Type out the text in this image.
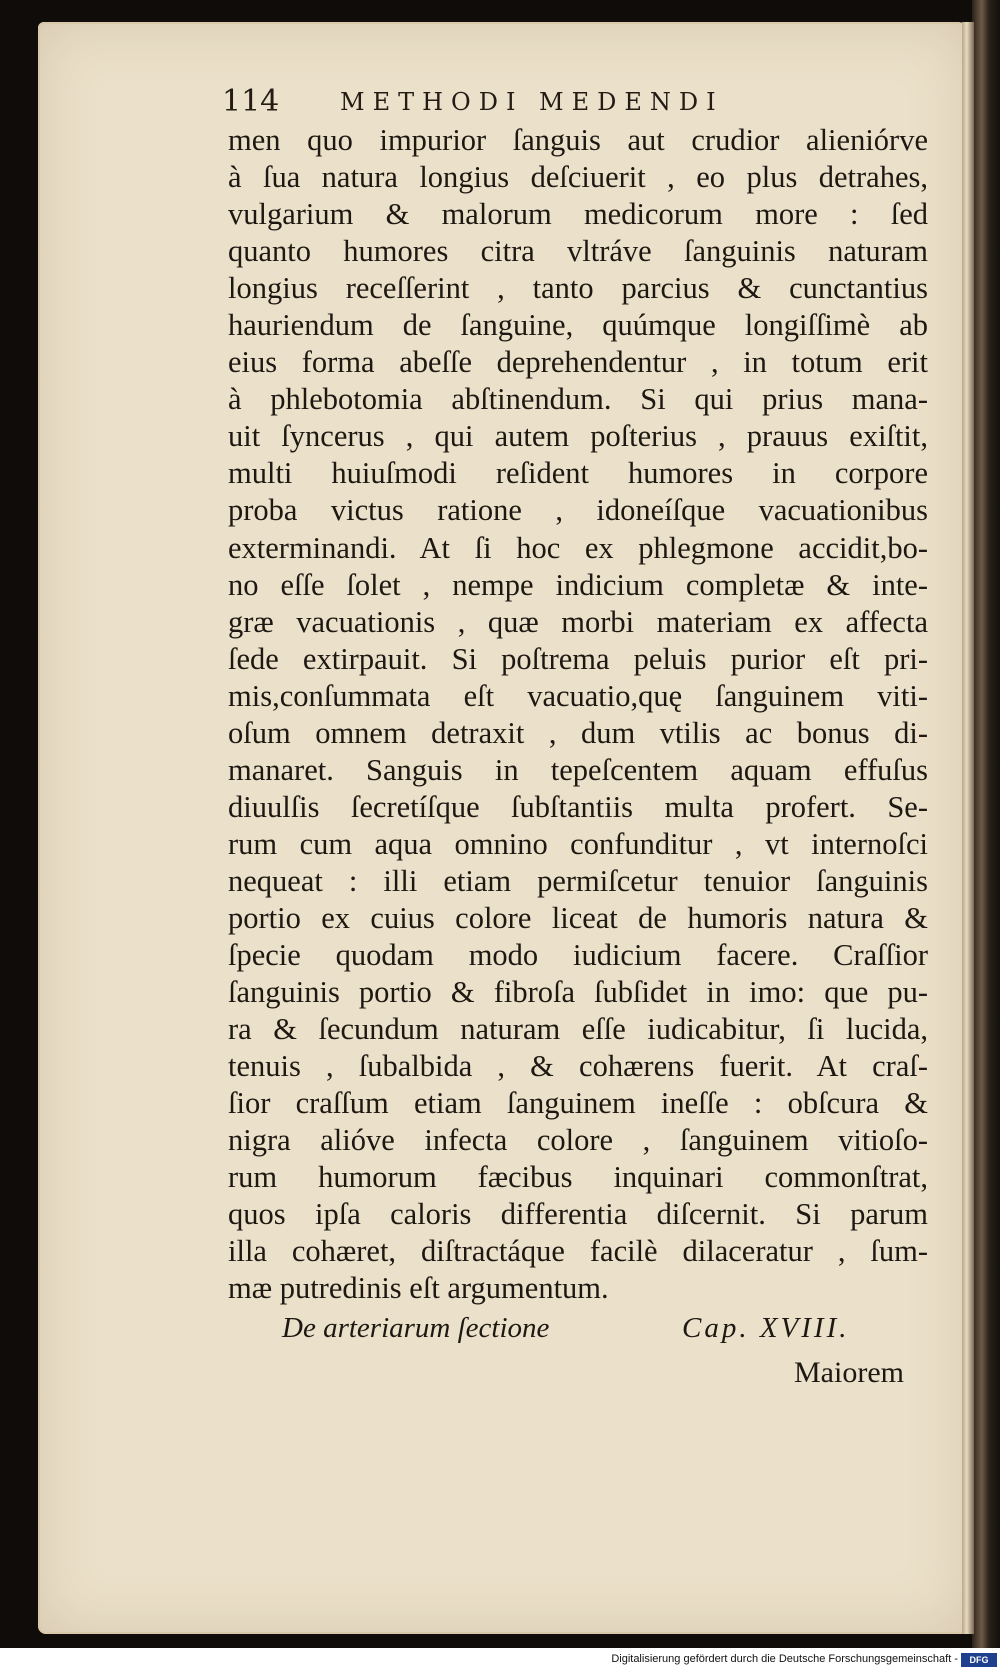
114	METHODI MEDENDI
men quo impurior ſanguis aut crudior alieniórve
à ſua natura longius deſciuerit , eo plus detrahes,
vulgarium & malorum medicorum more : ſed
quanto humores citra vltráve ſanguinis naturam
longius receſſerint , tanto parcius & cunctantius
hauriendum de ſanguine, quúmque longiſſimè ab
eius forma abeſſe deprehendentur , in totum erit
à phlebotomia abſtinendum. Si qui prius mana-
uit ſyncerus , qui autem poſterius , prauus exiſtit,
multi huiuſmodi reſident humores in corpore
proba victus ratione , idoneíſque vacuationibus
exterminandi. At ſi hoc ex phlegmone accidit,bo-
no eſſe ſolet , nempe indicium completæ & inte-
græ vacuationis , quæ morbi materiam ex affecta
ſede extirpauit. Si poſtrema peluis purior eſt pri-
mis,conſummata eſt vacuatio,quę ſanguinem viti-
oſum omnem detraxit , dum vtilis ac bonus di-
manaret. Sanguis in tepeſcentem aquam effuſus
diuulſis ſecretíſque ſubſtantiis multa profert. Se-
rum cum aqua omnino confunditur , vt internoſci
nequeat : illi etiam permiſcetur tenuior ſanguinis
portio ex cuius colore liceat de humoris natura &
ſpecie quodam modo iudicium facere. Craſſior
ſanguinis portio & fibroſa ſubſidet in imo: que pu-
ra & ſecundum naturam eſſe iudicabitur, ſi lucida,
tenuis , ſubalbida , & cohærens fuerit. At craſ-
ſior craſſum etiam ſanguinem ineſſe : obſcura &
nigra alióve infecta colore , ſanguinem vitioſo-
rum humorum fæcibus inquinari commonſtrat,
quos ipſa caloris differentia diſcernit. Si parum
illa cohæret, diſtractáque facilè dilaceratur , ſum-
mæ putredinis eſt argumentum.
De arteriarum ſectione	Cap. XVIII.
Maiorem
Digitalisierung gefördert durch die Deutsche Forschungsgemeinschaft -	DFG
